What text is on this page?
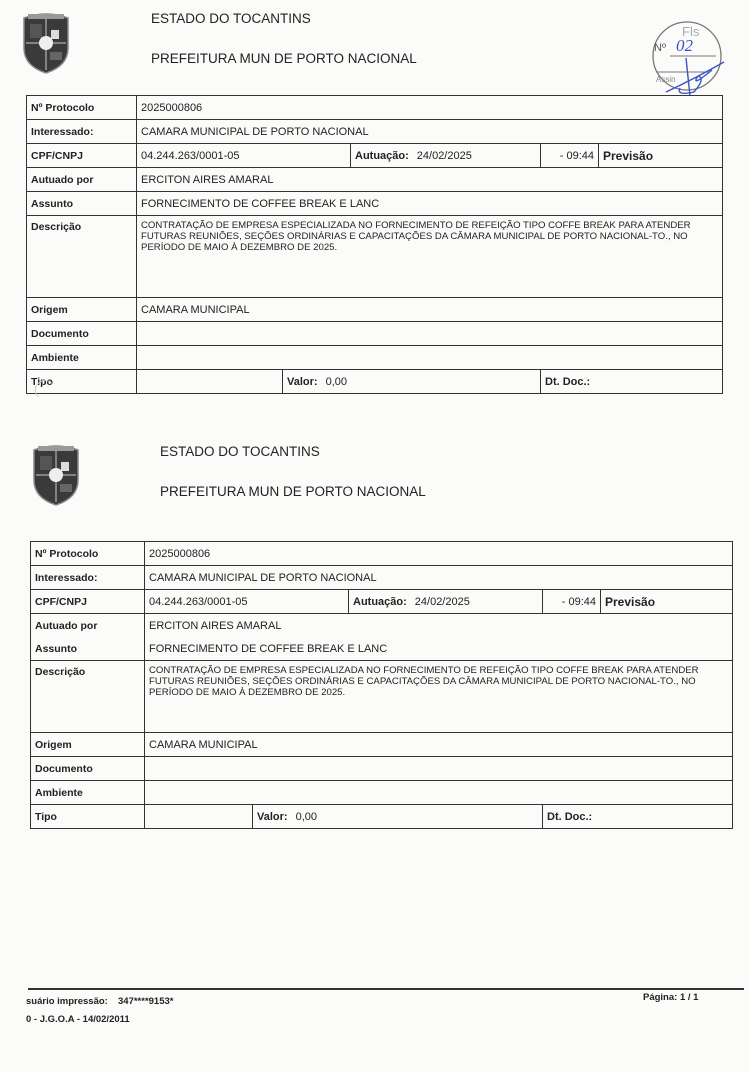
Fls
Nº 02
Assin
ESTADO DO TOCANTINS
PREFEITURA MUN DE PORTO NACIONAL
Nº Protocolo	2025000806				
Interessado:	CAMARA MUNICIPAL DE PORTO NACIONAL				
CPF/CNPJ	04.244.263/0001-05		Autuação: 24/02/2025	- 09:44	Previsão
Autuado por	ERCITON AIRES AMARAL				
Assunto	FORNECIMENTO DE COFFEE BREAK E LANC				
Descrição	CONTRATAÇÃO DE EMPRESA ESPECIALIZADA NO FORNECIMENTO DE REFEIÇÃO TIPO COFFE BREAK PARA ATENDER FUTURAS REUNIÕES, SEÇÕES ORDINÁRIAS E CAPACITAÇÕES DA CÂMARA MUNICIPAL DE PORTO NACIONAL-TO., NO PERÍODO DE MAIO À DEZEMBRO DE 2025.				
Origem	CAMARA MUNICIPAL				
Documento					
Ambiente					
Tipo		Valor: 0,00		Dt. Doc.:	
ESTADO DO TOCANTINS
PREFEITURA MUN DE PORTO NACIONAL
Nº Protocolo	2025000806				
Interessado:	CAMARA MUNICIPAL DE PORTO NACIONAL				
CPF/CNPJ	04.244.263/0001-05		Autuação: 24/02/2025	- 09:44	Previsão
Autuado por	ERCITON AIRES AMARAL				
Assunto	FORNECIMENTO DE COFFEE BREAK E LANC				
Descrição	CONTRATAÇÃO DE EMPRESA ESPECIALIZADA NO FORNECIMENTO DE REFEIÇÃO TIPO COFFE BREAK PARA ATENDER FUTURAS REUNIÕES, SEÇÕES ORDINÁRIAS E CAPACITAÇÕES DA CÂMARA MUNICIPAL DE PORTO NACIONAL-TO., NO PERÍODO DE MAIO À DEZEMBRO DE 2025.				
Origem	CAMARA MUNICIPAL				
Documento					
Ambiente					
Tipo		Valor: 0,00		Dt. Doc.:	
suário impressão: 347****9153*
0 - J.G.O.A - 14/02/2011
Página: 1 / 1
